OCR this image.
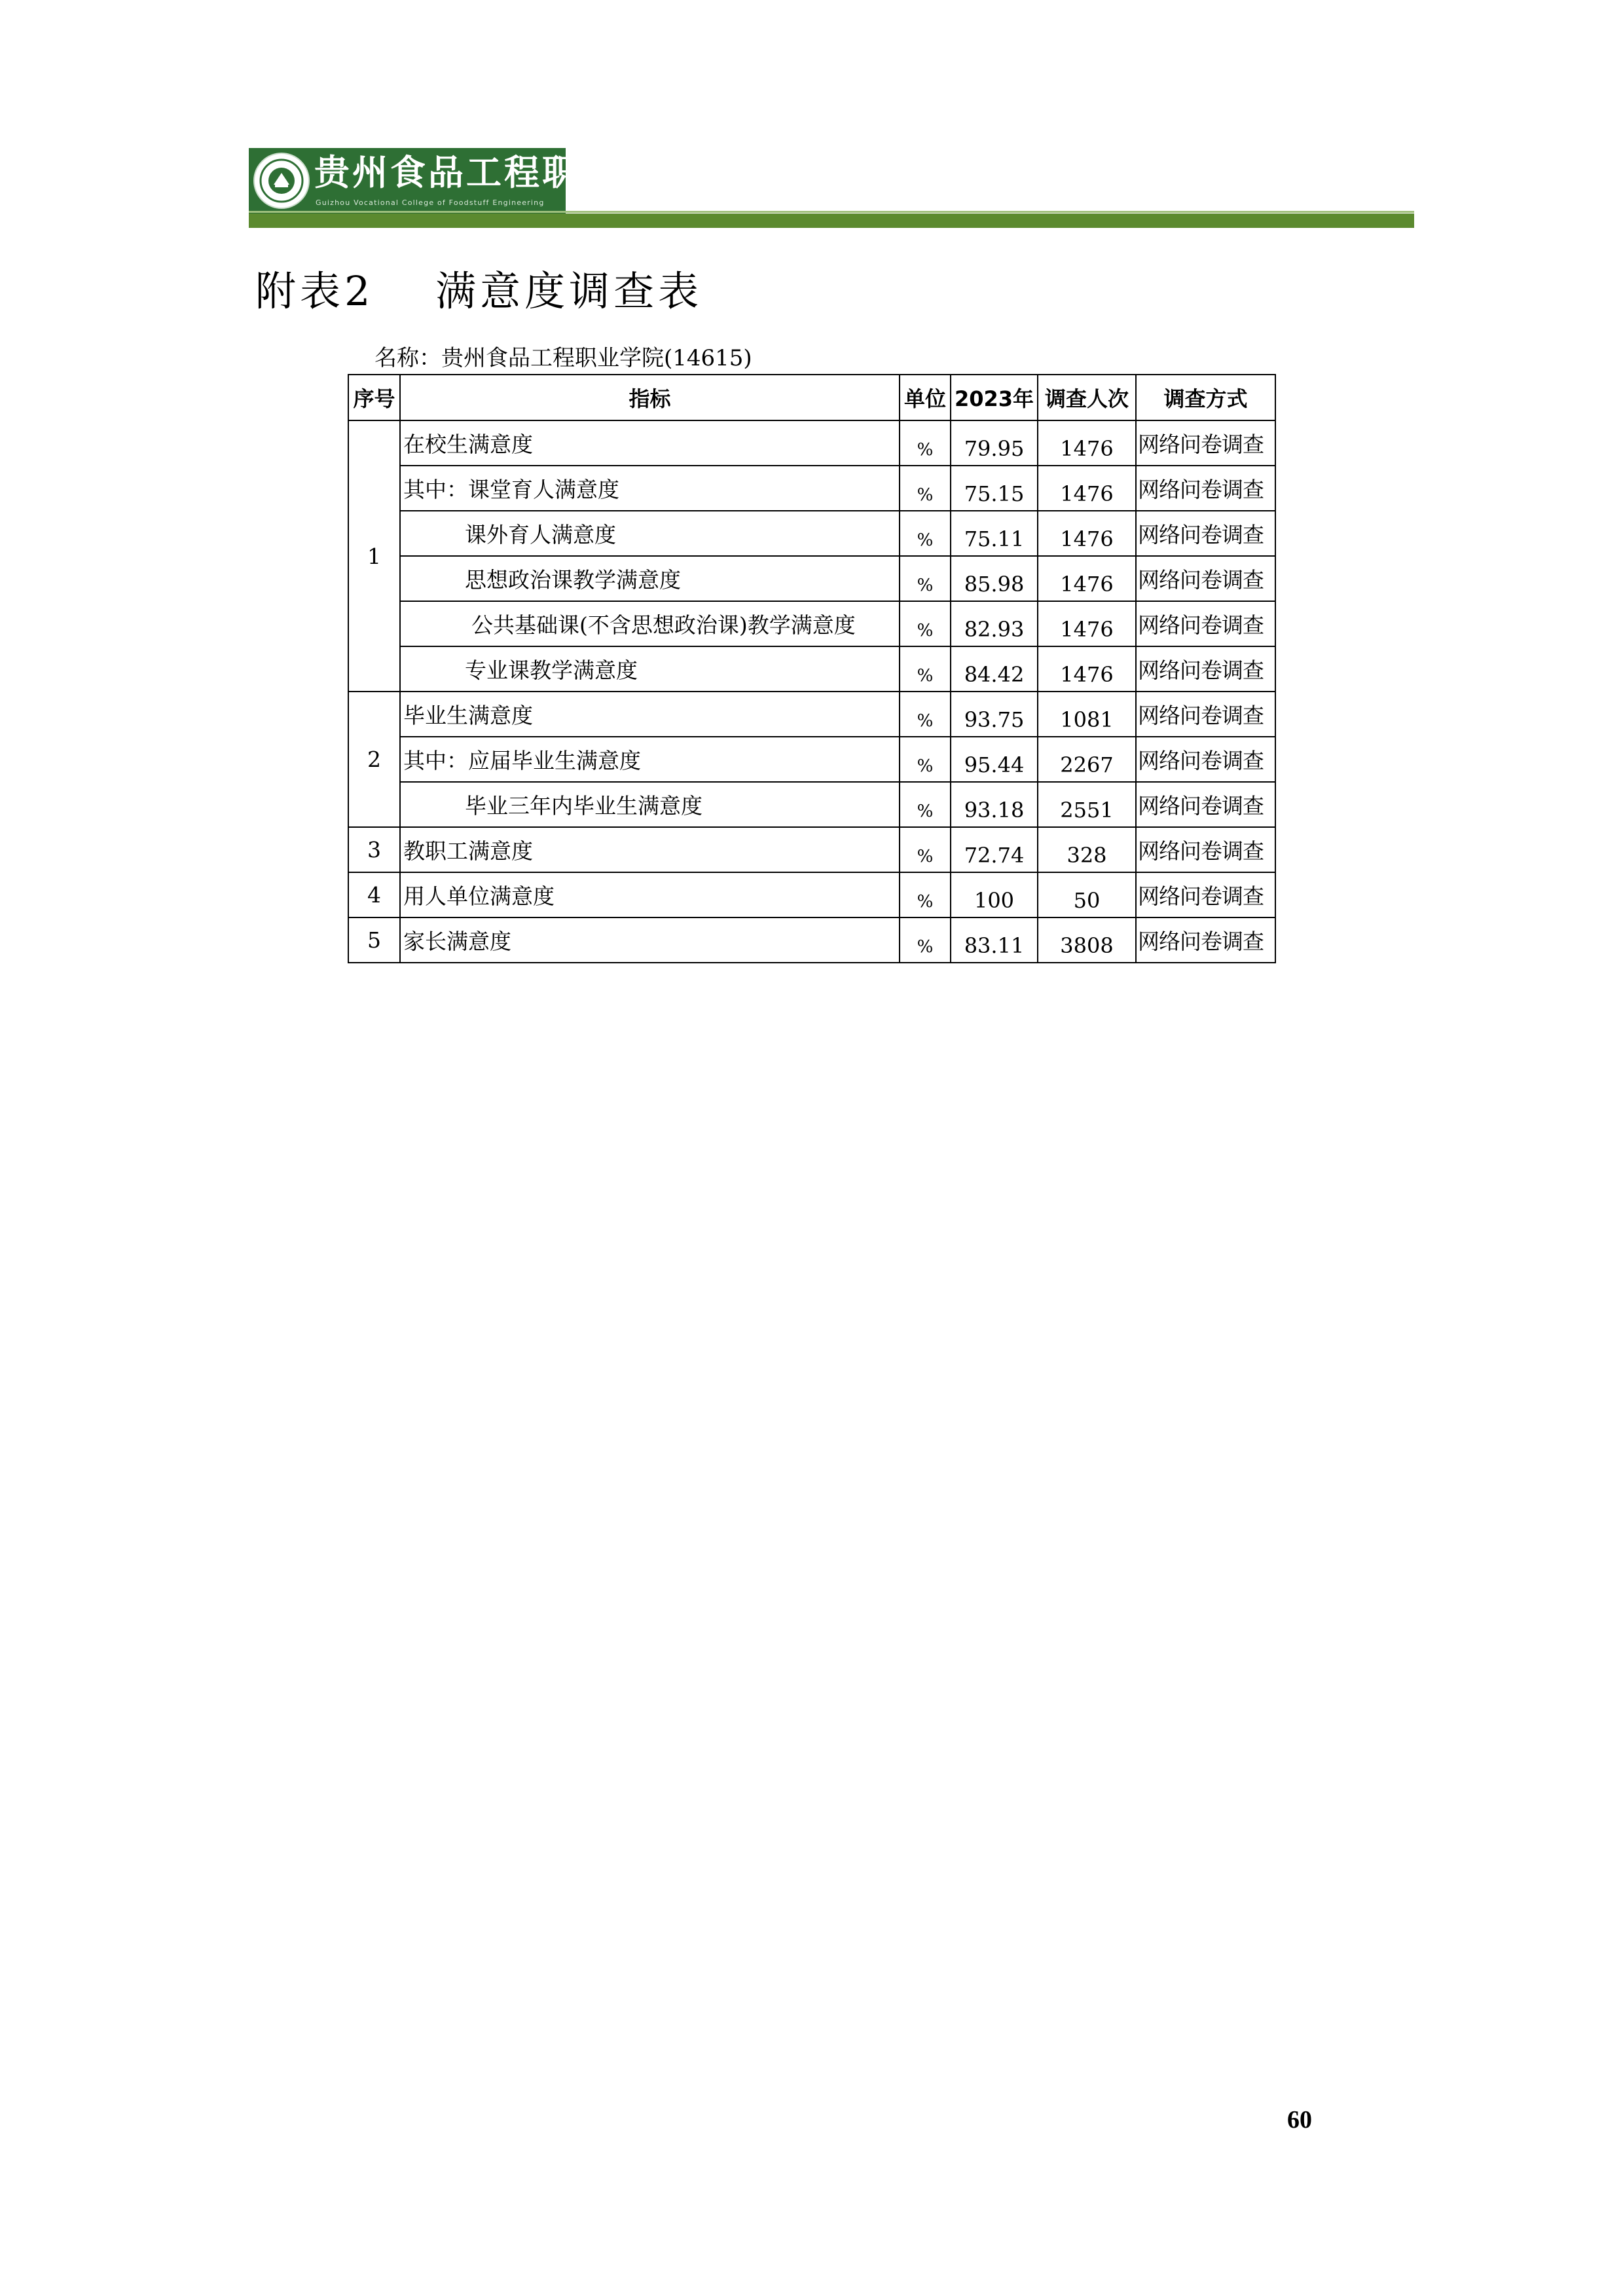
贵州食品工程职业学院
Guizhou Vocational College of Foodstuff Engineering
附表2　 满意度调查表
名称：贵州食品工程职业学院(14615)
序号	指标	单位	2023年	调查人次	调查方式
1	在校生满意度	%	79.95	1476	网络问卷调查
	其中：课堂育人满意度	%	75.15	1476	网络问卷调查
	课外育人满意度	%	75.11	1476	网络问卷调查
	思想政治课教学满意度	%	85.98	1476	网络问卷调查
	公共基础课(不含思想政治课)教学满意度	%	82.93	1476	网络问卷调查
	专业课教学满意度	%	84.42	1476	网络问卷调查
2	毕业生满意度	%	93.75	1081	网络问卷调查
	其中：应届毕业生满意度	%	95.44	2267	网络问卷调查
	毕业三年内毕业生满意度	%	93.18	2551	网络问卷调查
3	教职工满意度	%	72.74	328	网络问卷调查
4	用人单位满意度	%	100	50	网络问卷调查
5	家长满意度	%	83.11	3808	网络问卷调查
60
